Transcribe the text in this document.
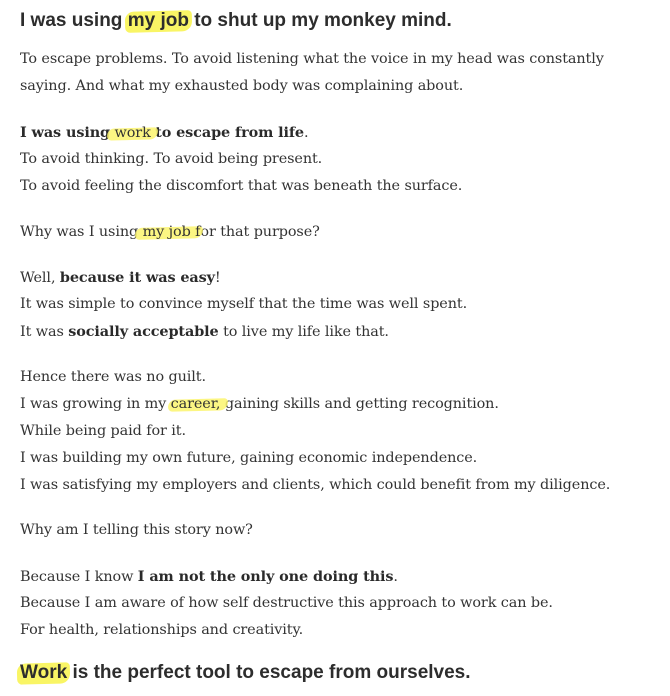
I was using my job to shut up my monkey mind.

To escape problems. To avoid listening what the voice in my head was constantly
saying. And what my exhausted body was complaining about.

I was using work to escape from life.
To avoid thinking. To avoid being present.
To avoid feeling the discomfort that was beneath the surface.

Why was I using my job for that purpose?

Well, because it was easy!
It was simple to convince myself that the time was well spent.
It was socially acceptable to live my life like that.

Hence there was no guilt.
I was growing in my career, gaining skills and getting recognition.
While being paid for it.
I was building my own future, gaining economic independence.
I was satisfying my employers and clients, which could benefit from my diligence.

Why am I telling this story now?

Because I know I am not the only one doing this.
Because I am aware of how self destructive this approach to work can be.
For health, relationships and creativity.

Work is the perfect tool to escape from ourselves.
